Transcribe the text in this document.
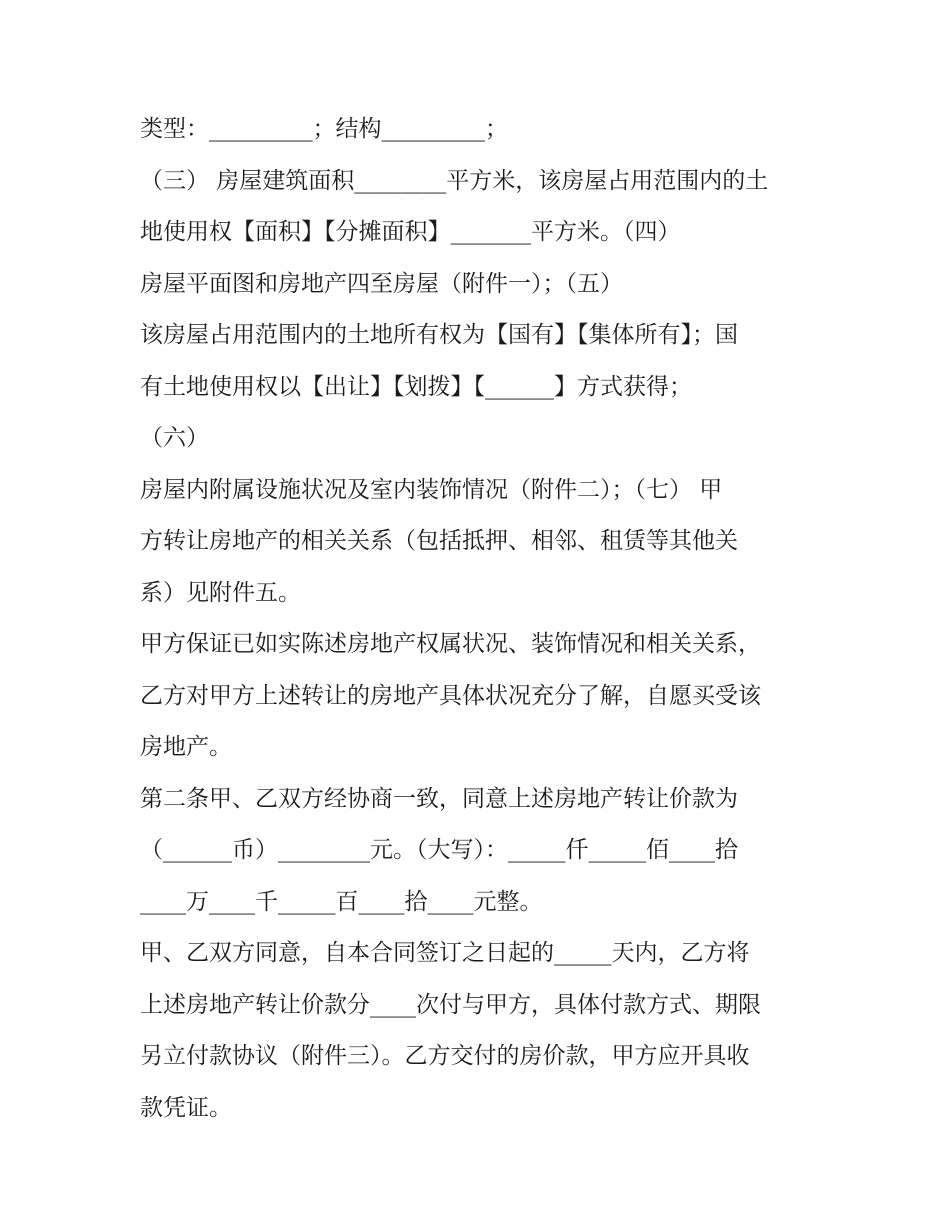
类型：_________；结构_________；
（三） 房屋建筑面积________平方米，该房屋占用范围内的土
地使用权【面积】【分摊面积】_______平方米。（四）
房屋平面图和房地产四至房屋（附件一）；（五）
该房屋占用范围内的土地所有权为【国有】【集体所有】；国
有土地使用权以【出让】【划拨】【______】方式获得；
（六）
房屋内附属设施状况及室内装饰情况（附件二）；（七） 甲
方转让房地产的相关关系（包括抵押、相邻、租赁等其他关
系）见附件五。
甲方保证已如实陈述房地产权属状况、装饰情况和相关关系，
乙方对甲方上述转让的房地产具体状况充分了解，自愿买受该
房地产。
第二条甲、乙双方经协商一致，同意上述房地产转让价款为
（______币）________元。（大写）：_____仟_____佰____拾
____万____千_____百____拾____元整。
甲、乙双方同意，自本合同签订之日起的_____天内，乙方将
上述房地产转让价款分____次付与甲方，具体付款方式、期限
另立付款协议（附件三）。乙方交付的房价款，甲方应开具收
款凭证。
